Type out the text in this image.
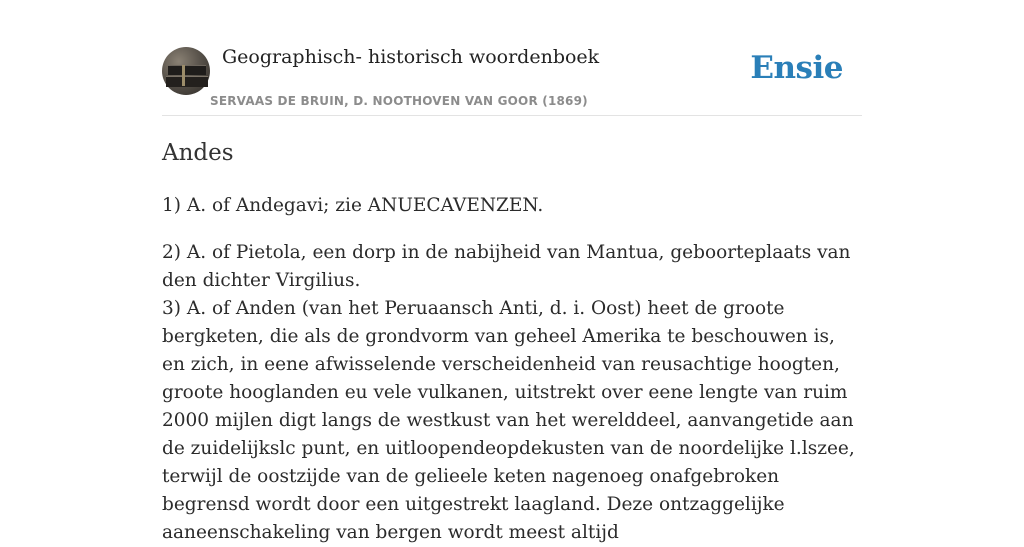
Geographisch- historisch woordenboek
SERVAAS DE BRUIN, D. NOOTHOVEN VAN GOOR (1869)
Ensie
Andes

1) A. of Andegavi; zie ANUECAVENZEN.

2) A. of Pietola, een dorp in de nabijheid van Mantua, geboorteplaats van den dichter Virgilius.

3) A. of Anden (van het Peruaansch Anti, d. i. Oost) heet de groote bergketen, die als de grondvorm van geheel Amerika te beschouwen is, en zich, in eene afwisselende verscheidenheid van reusachtige hoogten, groote hooglanden eu vele vulkanen, uitstrekt over eene lengte van ruim 2000 mijlen digt langs de westkust van het werelddeel, aanvangetide aan de zuidelijkslc punt, en uitloopendeopdekusten van de noordelijke l.lszee, terwijl de oostzijde van de gelieele keten nagenoeg onafgebroken begrensd wordt door een uitgestrekt laagland. Deze ontzaggelijke aaneenschakeling van bergen wordt meest altijd
